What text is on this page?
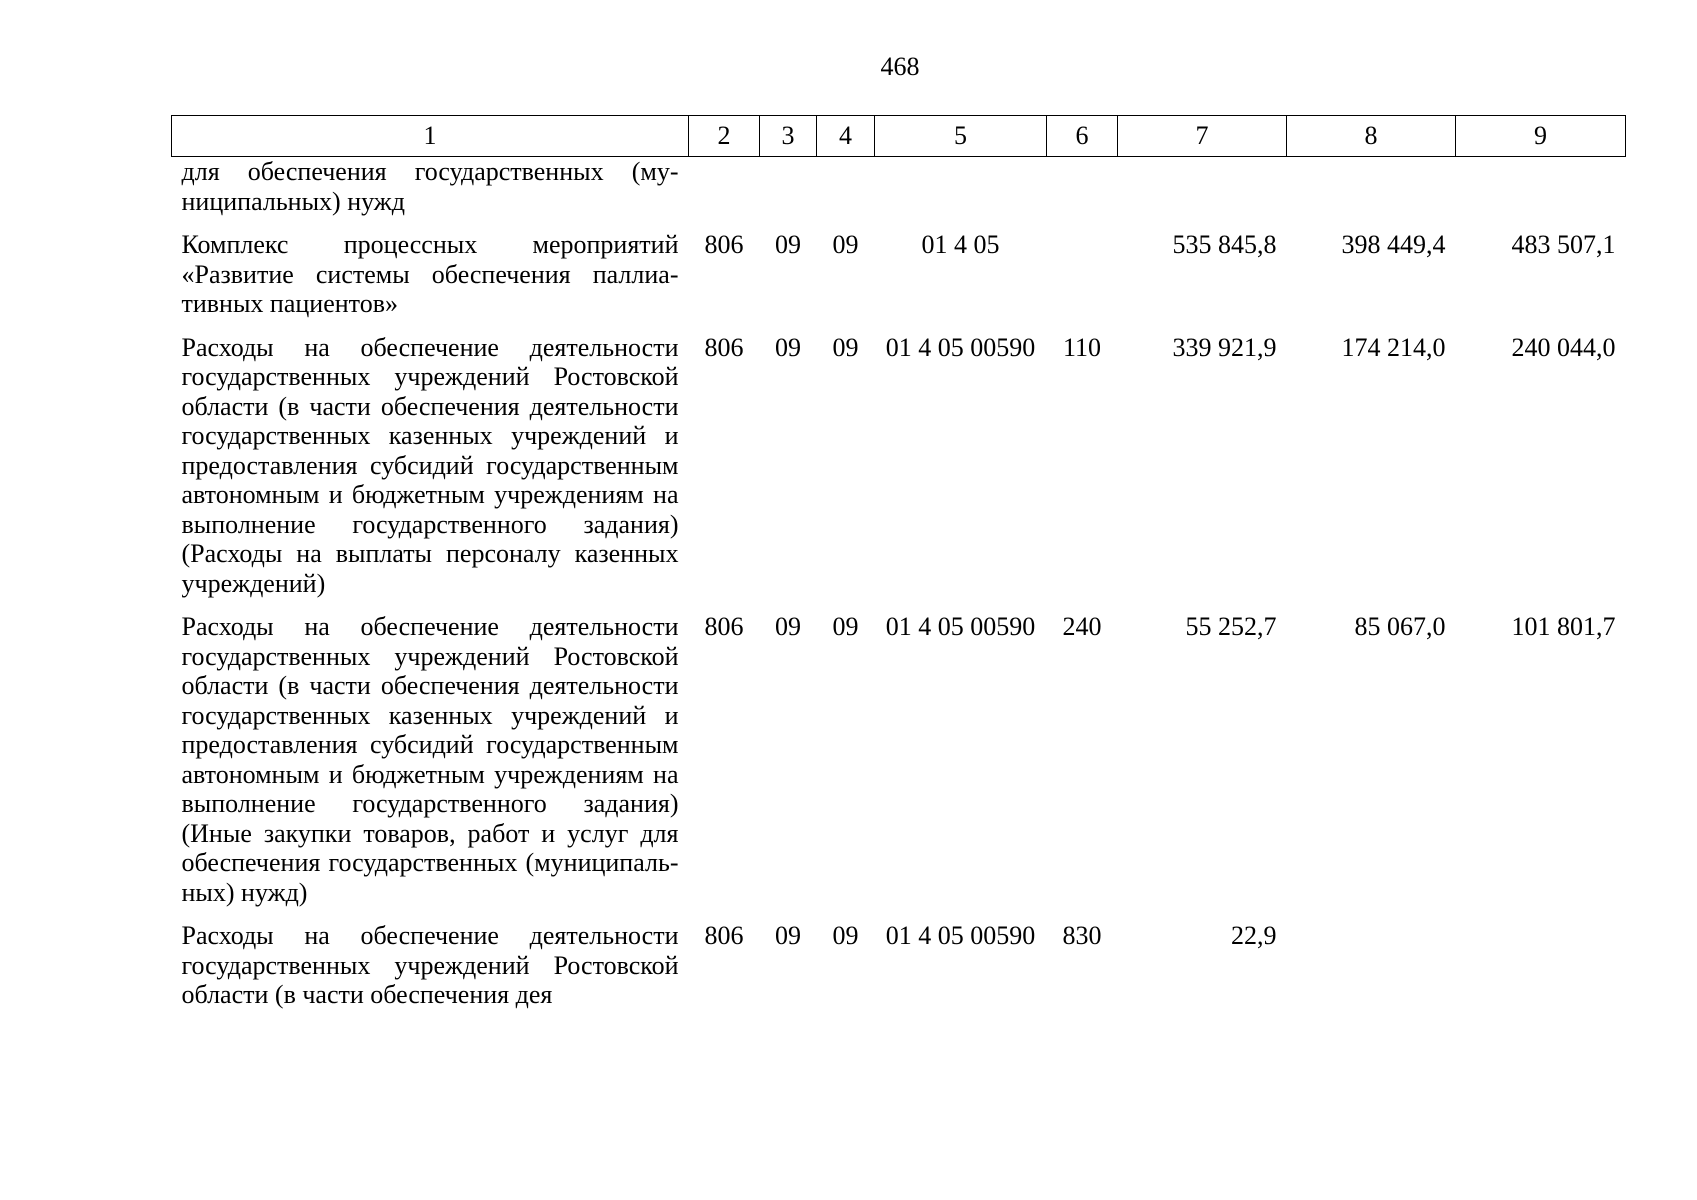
468
1	2	3	4	5	6	7	8	9
для обеспечения государственных (муниципальных) нужд								
Комплекс процессных мероприятий «Развитие системы обеспечения паллиативных пациентов»	806	09	09	01 4 05		535 845,8	398 449,4	483 507,1
Расходы на обеспечение деятельности государственных учреждений Ростовской области (в части обеспечения деятельности государственных казенных учреждений и предоставления субсидий государственным автономным и бюджетным учреждениям на выполнение государственного задания) (Расходы на выплаты персоналу казенных учреждений)	806	09	09	01 4 05 00590	110	339 921,9	174 214,0	240 044,0
Расходы на обеспечение деятельности государственных учреждений Ростовской области (в части обеспечения деятельности государственных казенных учреждений и предоставления субсидий государственным автономным и бюджетным учреждениям на выполнение государственного задания) (Иные закупки товаров, работ и услуг для обеспечения государственных (муниципальных) нужд)	806	09	09	01 4 05 00590	240	55 252,7	85 067,0	101 801,7
Расходы на обеспечение деятельности государственных учреждений Ростовской области (в части обеспечения дея	806	09	09	01 4 05 00590	830	22,9		
